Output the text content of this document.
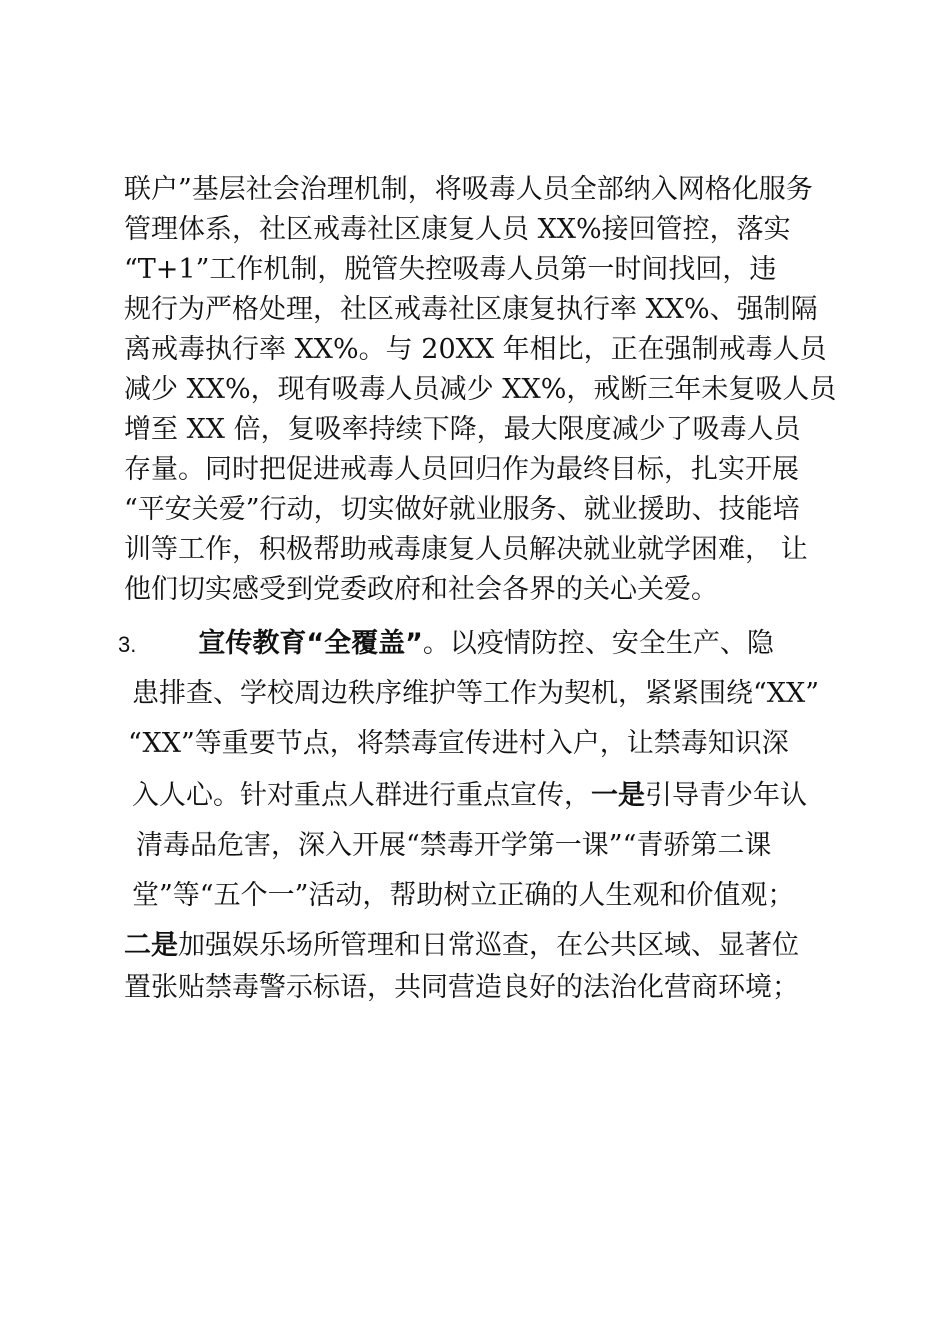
联户”基层社会治理机制，将吸毒人员全部纳入网格化服务
管理体系，社区戒毒社区康复人员 XX%接回管控，落实
“T+1”工作机制，脱管失控吸毒人员第一时间找回，违
规行为严格处理，社区戒毒社区康复执行率 XX%、强制隔
离戒毒执行率 XX%。与 20XX 年相比，正在强制戒毒人员
减少 XX%，现有吸毒人员减少 XX%，戒断三年未复吸人员
增至 XX 倍，复吸率持续下降，最大限度减少了吸毒人员
存量。同时把促进戒毒人员回归作为最终目标，扎实开展
“平安关爱”行动，切实做好就业服务、就业援助、技能培
训等工作，积极帮助戒毒康复人员解决就业就学困难， 让
他们切实感受到党委政府和社会各界的关心关爱。
3. 宣传教育“全覆盖”。以疫情防控、安全生产、隐
患排查、学校周边秩序维护等工作为契机，紧紧围绕“XX”
“XX”等重要节点，将禁毒宣传进村入户，让禁毒知识深
入人心。针对重点人群进行重点宣传，一是引导青少年认
清毒品危害，深入开展“禁毒开学第一课”“青骄第二课
堂”等“五个一”活动，帮助树立正确的人生观和价值观；
二是加强娱乐场所管理和日常巡查，在公共区域、显著位
置张贴禁毒警示标语，共同营造良好的法治化营商环境；
